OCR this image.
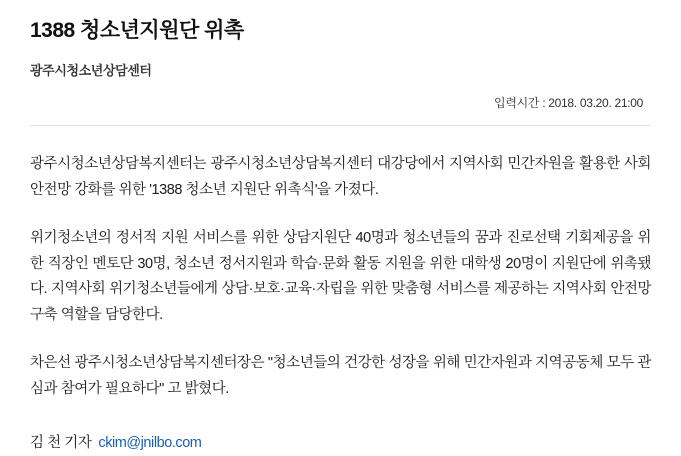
1388 청소년지원단 위촉
광주시청소년상담센터
입력시간 : 2018. 03.20. 21:00

광주시청소년상담복지센터는 광주시청소년상담복지센터 대강당에서 지역사회 민간자원을 활용한 사회안전망 강화를 위한 '1388 청소년 지원단 위촉식'을 가졌다.

위기청소년의 정서적 지원 서비스를 위한 상담지원단 40명과 청소년들의 꿈과 진로선택 기회제공을 위한 직장인 멘토단 30명, 청소년 정서지원과 학습·문화 활동 지원을 위한 대학생 20명이 지원단에 위촉됐다. 지역사회 위기청소년들에게 상담·보호·교육·자립을 위한 맞춤형 서비스를 제공하는 지역사회 안전망구축 역할을 담당한다.

차은선 광주시청소년상담복지센터장은 "청소년들의 건강한 성장을 위해 민간자원과 지역공동체 모두 관심과 참여가 필요하다" 고 밝혔다.

김 천 기자 ckim@jnilbo.com
